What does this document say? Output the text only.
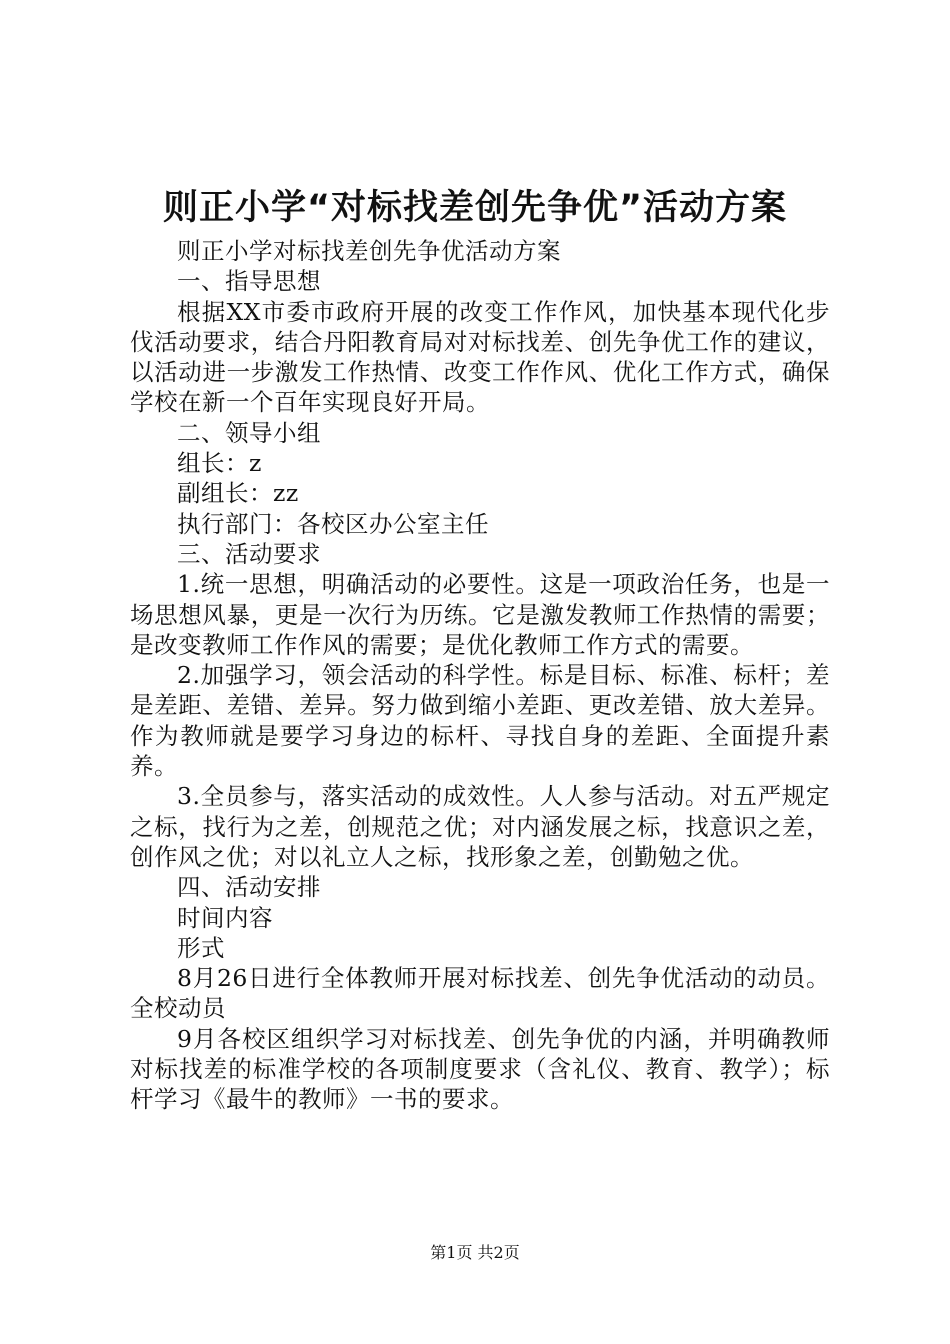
则正小学“对标找差创先争优”活动方案

则正小学对标找差创先争优活动方案

一、指导思想

根据XX市委市政府开展的改变工作作风，加快基本现代化步伐活动要求，结合丹阳教育局对对标找差、创先争优工作的建议，以活动进一步激发工作热情、改变工作作风、优化工作方式，确保学校在新一个百年实现良好开局。

二、领导小组

组长：z

副组长：zz

执行部门：各校区办公室主任

三、活动要求

1.统一思想，明确活动的必要性。这是一项政治任务，也是一场思想风暴，更是一次行为历练。它是激发教师工作热情的需要；是改变教师工作作风的需要；是优化教师工作方式的需要。

2.加强学习，领会活动的科学性。标是目标、标准、标杆；差是差距、差错、差异。努力做到缩小差距、更改差错、放大差异。作为教师就是要学习身边的标杆、寻找自身的差距、全面提升素养。

3.全员参与，落实活动的成效性。人人参与活动。对五严规定之标，找行为之差，创规范之优；对内涵发展之标，找意识之差，创作风之优；对以礼立人之标，找形象之差，创勤勉之优。

四、活动安排

时间内容

形式

8月26日进行全体教师开展对标找差、创先争优活动的动员。全校动员

9月各校区组织学习对标找差、创先争优的内涵，并明确教师对标找差的标准学校的各项制度要求（含礼仪、教育、教学）；标杆学习《最牛的教师》一书的要求。

第1页 共2页
